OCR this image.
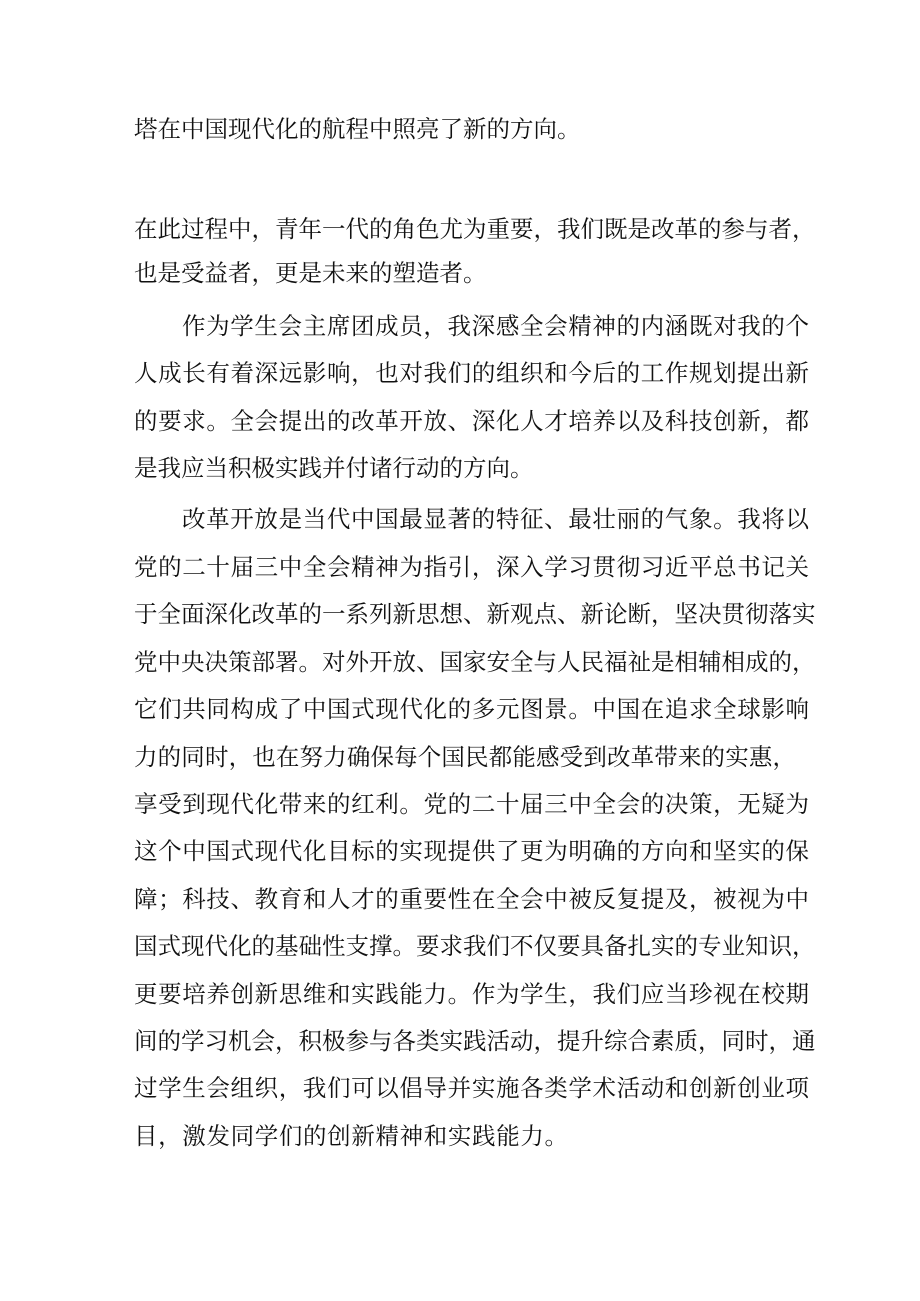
塔在中国现代化的航程中照亮了新的方向。
在此过程中，青年一代的角色尤为重要，我们既是改革的参与者，
也是受益者，更是未来的塑造者。
作为学生会主席团成员，我深感全会精神的内涵既对我的个
人成长有着深远影响，也对我们的组织和今后的工作规划提出新
的要求。全会提出的改革开放、深化人才培养以及科技创新，都
是我应当积极实践并付诸行动的方向。
改革开放是当代中国最显著的特征、最壮丽的气象。我将以
党的二十届三中全会精神为指引，深入学习贯彻习近平总书记关
于全面深化改革的一系列新思想、新观点、新论断，坚决贯彻落实
党中央决策部署。对外开放、国家安全与人民福祉是相辅相成的，
它们共同构成了中国式现代化的多元图景。中国在追求全球影响
力的同时，也在努力确保每个国民都能感受到改革带来的实惠，
享受到现代化带来的红利。党的二十届三中全会的决策，无疑为
这个中国式现代化目标的实现提供了更为明确的方向和坚实的保
障；科技、教育和人才的重要性在全会中被反复提及，被视为中
国式现代化的基础性支撑。要求我们不仅要具备扎实的专业知识，
更要培养创新思维和实践能力。作为学生，我们应当珍视在校期
间的学习机会，积极参与各类实践活动，提升综合素质，同时，通
过学生会组织，我们可以倡导并实施各类学术活动和创新创业项
目，激发同学们的创新精神和实践能力。
